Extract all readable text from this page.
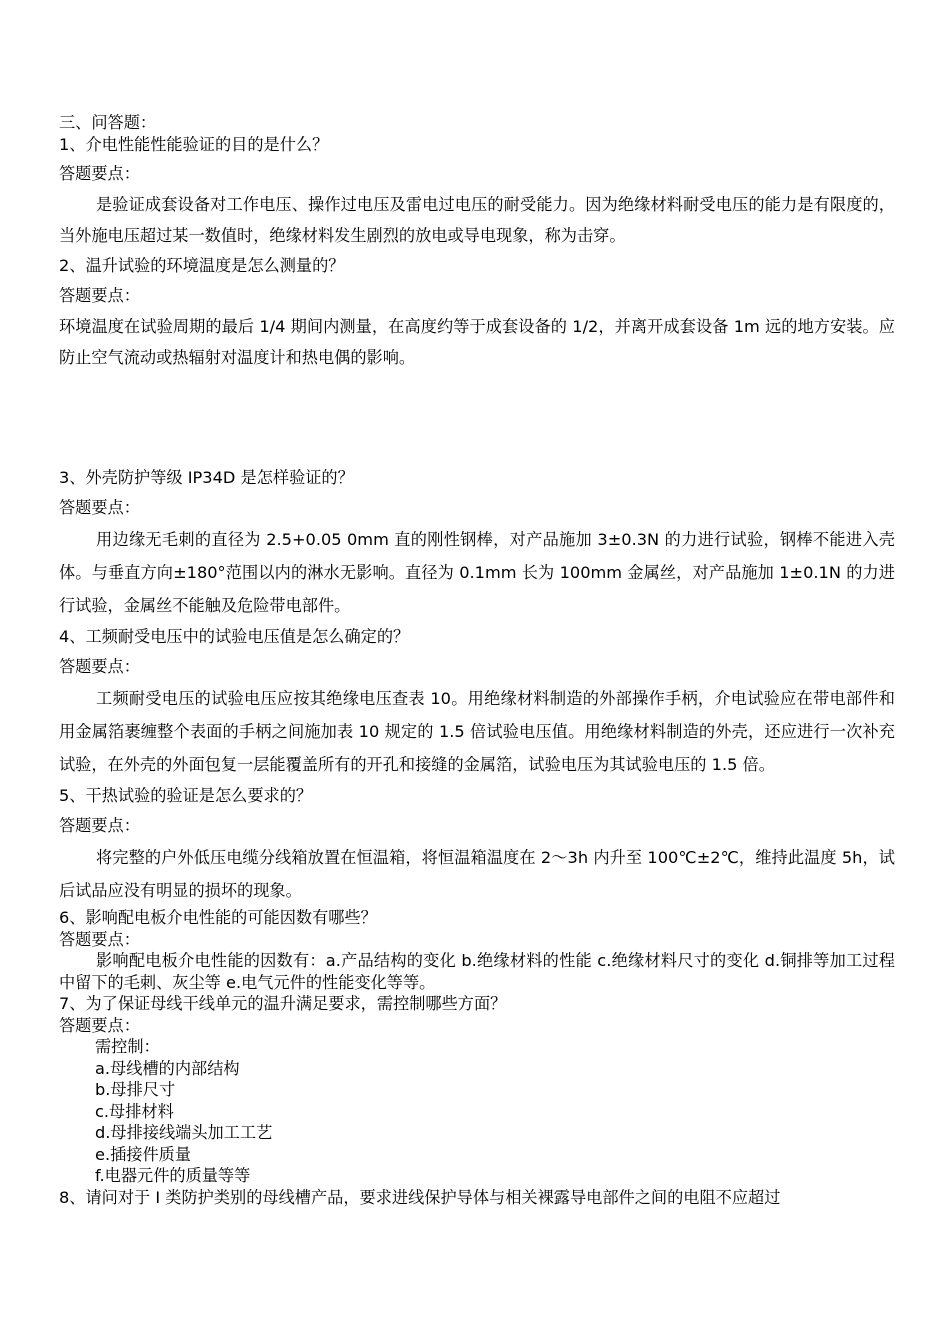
三、问答题：
1、介电性能性能验证的目的是什么？
答题要点：
是验证成套设备对工作电压、操作过电压及雷电过电压的耐受能力。因为绝缘材料耐受电压的能力是有限度的，当外施电压超过某一数值时，绝缘材料发生剧烈的放电或导电现象，称为击穿。
2、温升试验的环境温度是怎么测量的？
答题要点：
环境温度在试验周期的最后 1/4 期间内测量，在高度约等于成套设备的 1/2，并离开成套设备 1m 远的地方安装。应防止空气流动或热辐射对温度计和热电偶的影响。
3、外壳防护等级 IP34D 是怎样验证的？
答题要点：
用边缘无毛刺的直径为 2.5+0.05 0mm 直的刚性钢棒，对产品施加 3±0.3N 的力进行试验，钢棒不能进入壳体。与垂直方向±180°范围以内的淋水无影响。直径为 0.1mm 长为 100mm 金属丝，对产品施加 1±0.1N 的力进行试验，金属丝不能触及危险带电部件。
4、工频耐受电压中的试验电压值是怎么确定的？
答题要点：
工频耐受电压的试验电压应按其绝缘电压查表 10。用绝缘材料制造的外部操作手柄，介电试验应在带电部件和用金属箔裹缠整个表面的手柄之间施加表 10 规定的 1.5 倍试验电压值。用绝缘材料制造的外壳，还应进行一次补充试验，在外壳的外面包复一层能覆盖所有的开孔和接缝的金属箔，试验电压为其试验电压的 1.5 倍。
5、干热试验的验证是怎么要求的？
答题要点：
将完整的户外低压电缆分线箱放置在恒温箱，将恒温箱温度在 2～3h 内升至 100℃±2℃，维持此温度 5h，试后试品应没有明显的损坏的现象。
6、影响配电板介电性能的可能因数有哪些？
答题要点：
影响配电板介电性能的因数有：a.产品结构的变化 b.绝缘材料的性能 c.绝缘材料尺寸的变化 d.铜排等加工过程中留下的毛刺、灰尘等 e.电气元件的性能变化等等。
7、为了保证母线干线单元的温升满足要求，需控制哪些方面？
答题要点：
需控制：
a.母线槽的内部结构
b.母排尺寸
c.母排材料
d.母排接线端头加工工艺
e.插接件质量
f.电器元件的质量等等
8、请问对于 I 类防护类别的母线槽产品，要求进线保护导体与相关裸露导电部件之间的电阻不应超过
